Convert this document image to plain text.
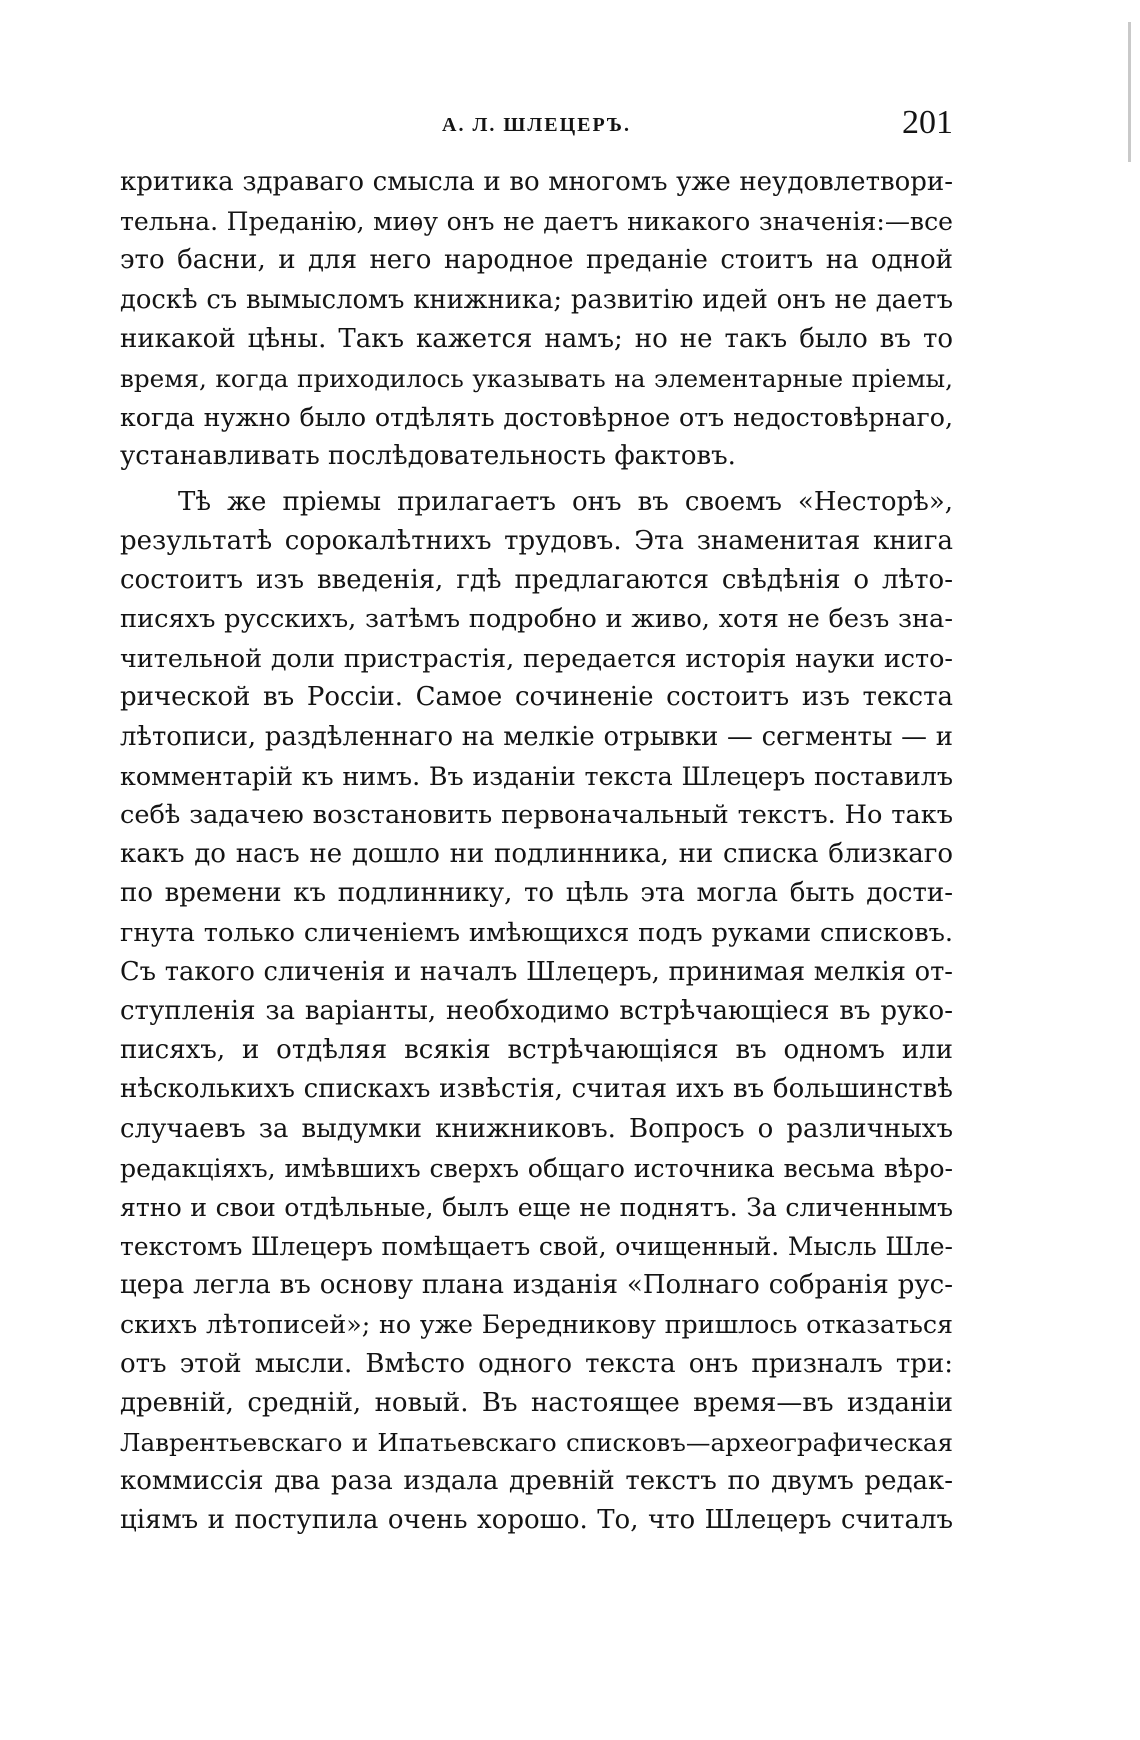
А. Л. ШЛЕЦЕРЪ.	201
критика здраваго смысла и во многомъ уже неудовлетвори-
тельна. Преданію, миѳу онъ не даетъ никакого значенія:—все
это басни, и для него народное преданіе стоитъ на одной
доскѣ съ вымысломъ книжника; развитію идей онъ не даетъ
никакой цѣны. Такъ кажется намъ; но не такъ было въ то
время, когда приходилось указывать на элементарные пріемы,
когда нужно было отдѣлять достовѣрное отъ недостовѣрнаго,
устанавливать послѣдовательность фактовъ.
Тѣ же пріемы прилагаетъ онъ въ своемъ «Несторѣ»,
результатѣ сорокалѣтнихъ трудовъ. Эта знаменитая книга
состоитъ изъ введенія, гдѣ предлагаются свѣдѣнія о лѣто-
писяхъ русскихъ, затѣмъ подробно и живо, хотя не безъ зна-
чительной доли пристрастія, передается исторія науки исто-
рической въ Россіи. Самое сочиненіе состоитъ изъ текста
лѣтописи, раздѣленнаго на мелкіе отрывки — сегменты — и
комментарій къ нимъ. Въ изданіи текста Шлецеръ поставилъ
себѣ задачею возстановить первоначальный текстъ. Но такъ
какъ до насъ не дошло ни подлинника, ни списка близкаго
по времени къ подлиннику, то цѣль эта могла быть дости-
гнута только сличеніемъ имѣющихся подъ руками списковъ.
Съ такого сличенія и началъ Шлецеръ, принимая мелкія от-
ступленія за варіанты, необходимо встрѣчающіеся въ руко-
писяхъ, и отдѣляя всякія встрѣчающіяся въ одномъ или
нѣсколькихъ спискахъ извѣстія, считая ихъ въ большинствѣ
случаевъ за выдумки книжниковъ. Вопросъ о различныхъ
редакціяхъ, имѣвшихъ сверхъ общаго источника весьма вѣро-
ятно и свои отдѣльные, былъ еще не поднятъ. За сличеннымъ
текстомъ Шлецеръ помѣщаетъ свой, очищенный. Мысль Шле-
цера легла въ основу плана изданія «Полнаго собранія рус-
скихъ лѣтописей»; но уже Бередникову пришлось отказаться
отъ этой мысли. Вмѣсто одного текста онъ призналъ три:
древній, средній, новый. Въ настоящее время—въ изданіи
Лаврентьевскаго и Ипатьевскаго списковъ—археографическая
коммиссія два раза издала древній текстъ по двумъ редак-
ціямъ и поступила очень хорошо. То, что Шлецеръ считалъ
